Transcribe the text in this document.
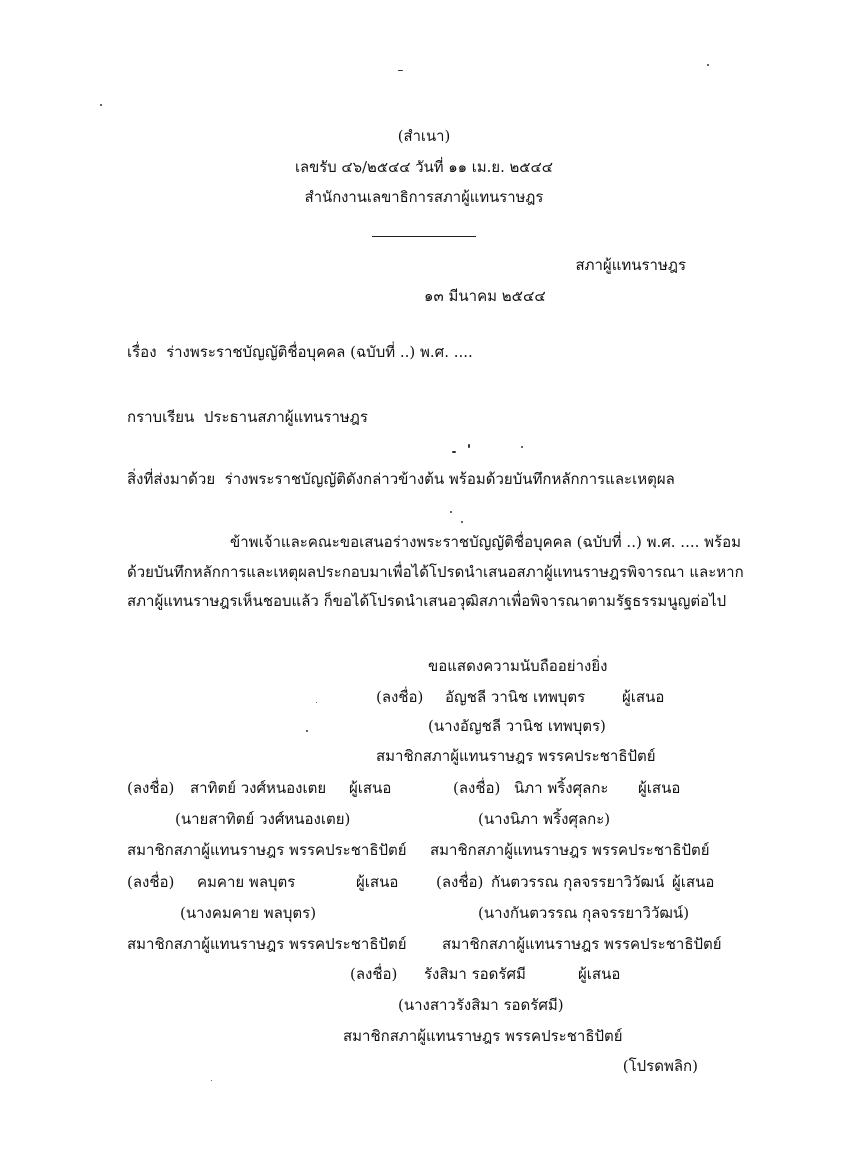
(สำเนา)
เลขรับ ๔๖/๒๕๔๔ วันที่ ๑๑ เม.ย. ๒๕๔๔
สำนักงานเลขาธิการสภาผู้แทนราษฎร
สภาผู้แทนราษฎร
๑๓ มีนาคม ๒๕๔๔
เรื่อง ร่างพระราชบัญญัติชื่อบุคคล (ฉบับที่ ..) พ.ศ. ....
กราบเรียน ประธานสภาผู้แทนราษฎร
สิ่งที่ส่งมาด้วย ร่างพระราชบัญญัติดังกล่าวข้างต้น พร้อมด้วยบันทึกหลักการและเหตุผล
ข้าพเจ้าและคณะขอเสนอร่างพระราชบัญญัติชื่อบุคคล (ฉบับที่ ..) พ.ศ. .... พร้อม
ด้วยบันทึกหลักการและเหตุผลประกอบมาเพื่อได้โปรดนำเสนอสภาผู้แทนราษฎรพิจารณา และหาก
สภาผู้แทนราษฎรเห็นชอบแล้ว ก็ขอได้โปรดนำเสนอวุฒิสภาเพื่อพิจารณาตามรัฐธรรมนูญต่อไป
ขอแสดงความนับถืออย่างยิ่ง
(ลงชื่อ) อัญชลี วานิช เทพบุตร ผู้เสนอ
(นางอัญชลี วานิช เทพบุตร)
สมาชิกสภาผู้แทนราษฎร พรรคประชาธิปัตย์
(ลงชื่อ) สาทิตย์ วงศ์หนองเตย ผู้เสนอ	(ลงชื่อ) นิภา พริ้งศุลกะ ผู้เสนอ
(นายสาทิตย์ วงศ์หนองเตย)	(นางนิภา พริ้งศุลกะ)
สมาชิกสภาผู้แทนราษฎร พรรคประชาธิปัตย์ สมาชิกสภาผู้แทนราษฎร พรรคประชาธิปัตย์
(ลงชื่อ) คมคาย พลบุตร	ผู้เสนอ	(ลงชื่อ) กันตวรรณ กุลจรรยาวิวัฒน์ ผู้เสนอ
(นางคมคาย พลบุตร)	(นางกันตวรรณ กุลจรรยาวิวัฒน์)
สมาชิกสภาผู้แทนราษฎร พรรคประชาธิปัตย์ สมาชิกสภาผู้แทนราษฎร พรรคประชาธิปัตย์
(ลงชื่อ) รังสิมา รอดรัศมี	ผู้เสนอ
(นางสาวรังสิมา รอดรัศมี)
สมาชิกสภาผู้แทนราษฎร พรรคประชาธิปัตย์
(โปรดพลิก)
